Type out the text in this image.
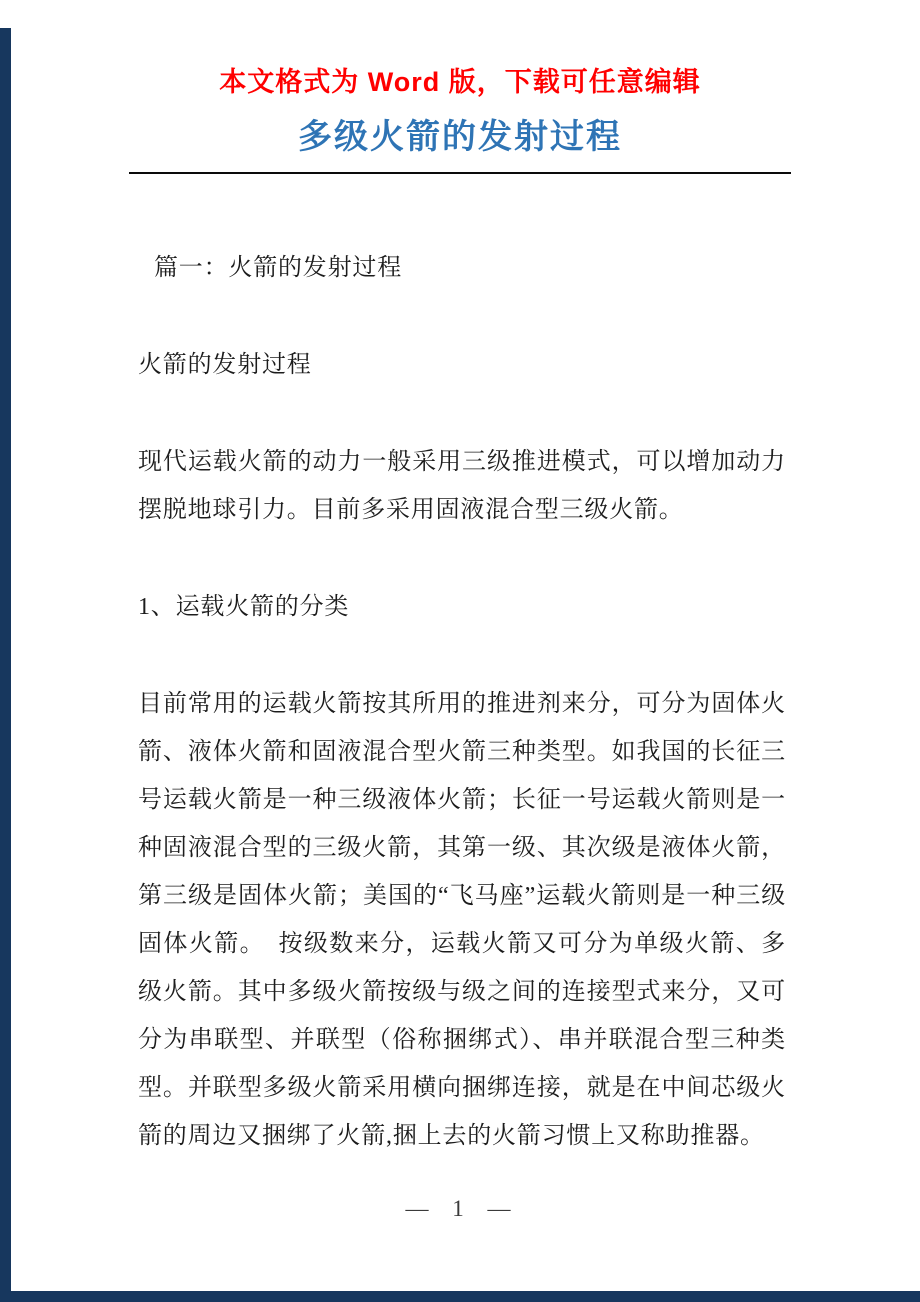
本文格式为 Word 版，下载可任意编辑
多级火箭的发射过程

篇一：火箭的发射过程

火箭的发射过程

现代运载火箭的动力一般采用三级推进模式，可以增加动力摆脱地球引力。目前多采用固液混合型三级火箭。

1、运载火箭的分类

目前常用的运载火箭按其所用的推进剂来分，可分为固体火箭、液体火箭和固液混合型火箭三种类型。如我国的长征三号运载火箭是一种三级液体火箭；长征一号运载火箭则是一种固液混合型的三级火箭，其第一级、其次级是液体火箭，第三级是固体火箭；美国的“飞马座”运载火箭则是一种三级固体火箭。　按级数来分，运载火箭又可分为单级火箭、多级火箭。其中多级火箭按级与级之间的连接型式来分，又可分为串联型、并联型（俗称捆绑式）、串并联混合型三种类型。并联型多级火箭采用横向捆绑连接，就是在中间芯级火箭的周边又捆绑了火箭,捆上去的火箭习惯上又称助推器。

— 1 —
